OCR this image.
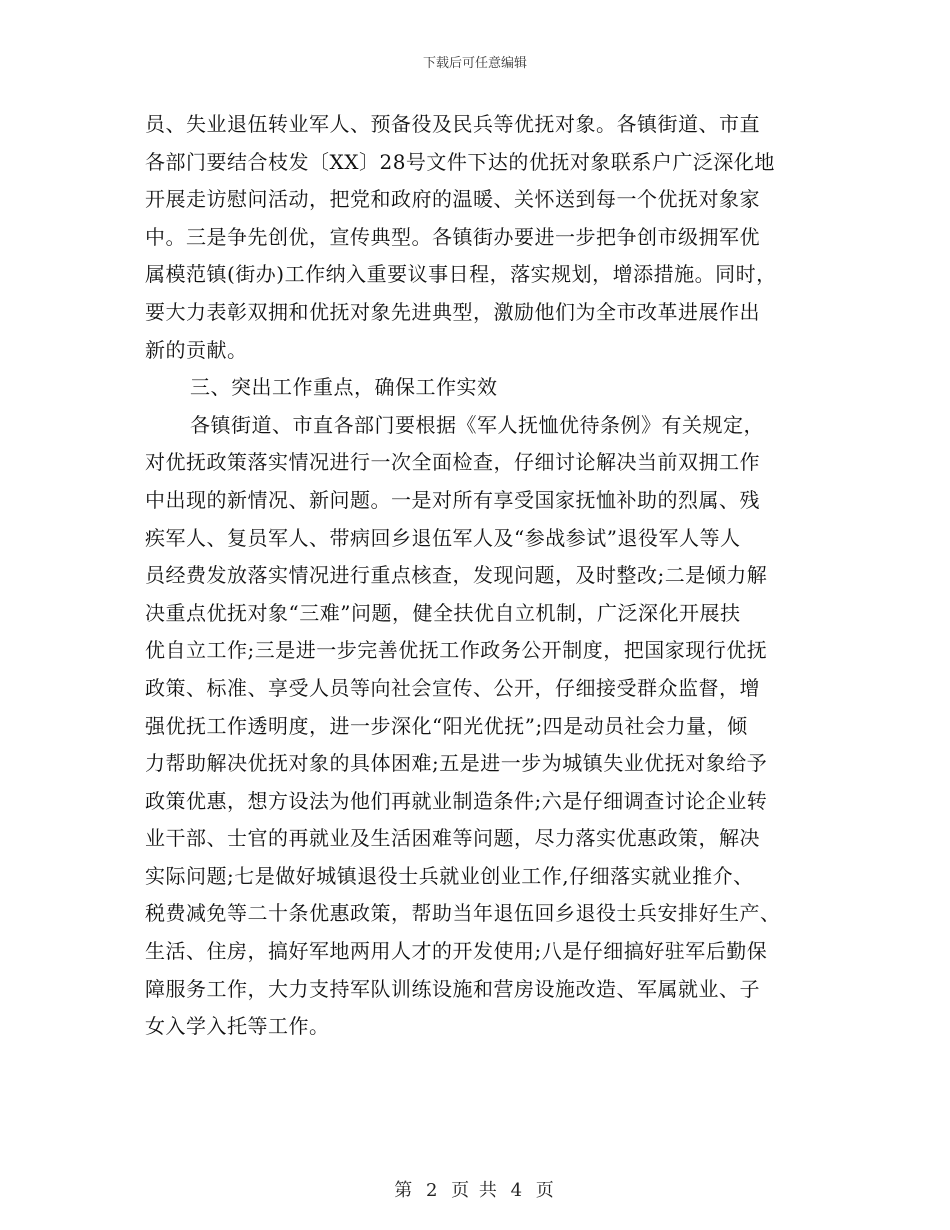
下载后可任意编辑
员、失业退伍转业军人、预备役及民兵等优抚对象。各镇街道、市直
各部门要结合枝发〔XX〕28号文件下达的优抚对象联系户广泛深化地
开展走访慰问活动，把党和政府的温暖、关怀送到每一个优抚对象家
中。三是争先创优，宣传典型。各镇街办要进一步把争创市级拥军优
属模范镇(街办)工作纳入重要议事日程，落实规划，增添措施。同时，
要大力表彰双拥和优抚对象先进典型，激励他们为全市改革进展作出
新的贡献。
三、突出工作重点，确保工作实效
各镇街道、市直各部门要根据《军人抚恤优待条例》有关规定，
对优抚政策落实情况进行一次全面检查，仔细讨论解决当前双拥工作
中出现的新情况、新问题。一是对所有享受国家抚恤补助的烈属、残
疾军人、复员军人、带病回乡退伍军人及“参战参试”退役军人等人
员经费发放落实情况进行重点核查，发现问题，及时整改;二是倾力解
决重点优抚对象“三难”问题，健全扶优自立机制，广泛深化开展扶
优自立工作;三是进一步完善优抚工作政务公开制度，把国家现行优抚
政策、标准、享受人员等向社会宣传、公开，仔细接受群众监督，增
强优抚工作透明度，进一步深化“阳光优抚”;四是动员社会力量，倾
力帮助解决优抚对象的具体困难;五是进一步为城镇失业优抚对象给予
政策优惠，想方设法为他们再就业制造条件;六是仔细调查讨论企业转
业干部、士官的再就业及生活困难等问题，尽力落实优惠政策，解决
实际问题;七是做好城镇退役士兵就业创业工作,仔细落实就业推介、
税费减免等二十条优惠政策，帮助当年退伍回乡退役士兵安排好生产、
生活、住房，搞好军地两用人才的开发使用;八是仔细搞好驻军后勤保
障服务工作，大力支持军队训练设施和营房设施改造、军属就业、子
女入学入托等工作。
第 2 页 共 4 页
